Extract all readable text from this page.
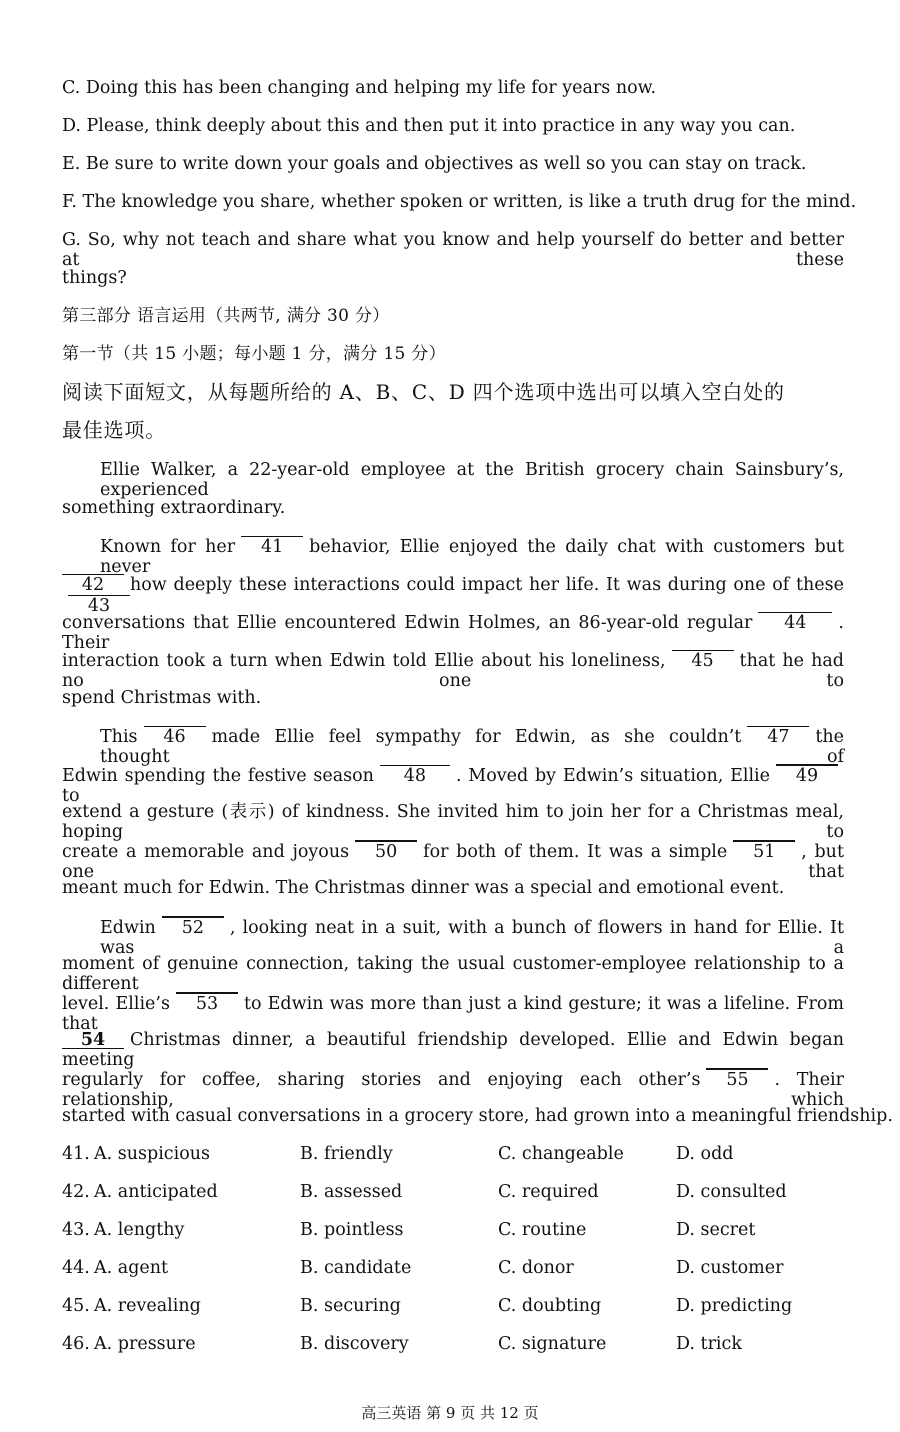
C. Doing this has been changing and helping my life for years now.
D. Please, think deeply about this and then put it into practice in any way you can.
E. Be sure to write down your goals and objectives as well so you can stay on track.
F. The knowledge you share, whether spoken or written, is like a truth drug for the mind.
G. So, why not teach and share what you know and help yourself do better and better at these
things?
第三部分 语言运用（共两节, 满分 30 分）
第一节（共 15 小题；每小题 1 分，满分 15 分）
阅读下面短文，从每题所给的 A、B、C、D 四个选项中选出可以填入空白处的
最佳选项。
Ellie Walker, a 22-year-old employee at the British grocery chain Sainsbury’s, experienced
something extraordinary.
Known for her 41 behavior, Ellie enjoyed the daily chat with customers but never
42 how deeply these interactions could impact her life. It was during one of these43
conversations that Ellie encountered Edwin Holmes, an 86-year-old regular 44 . Their
interaction took a turn when Edwin told Ellie about his loneliness, 45 that he had no one to
spend Christmas with.
This 46 made Ellie feel sympathy for Edwin, as she couldn’t 47 the thought of
Edwin spending the festive season 48 . Moved by Edwin’s situation, Ellie 49to
extend a gesture (表示) of kindness. She invited him to join her for a Christmas meal, hoping to
create a memorable and joyous 50 for both of them. It was a simple 51 , but one that
meant much for Edwin. The Christmas dinner was a special and emotional event.
Edwin 52 , looking neat in a suit, with a bunch of flowers in hand for Ellie. It was a
moment of genuine connection, taking the usual customer-employee relationship to a different
level. Ellie’s 53 to Edwin was more than just a kind gesture; it was a lifeline. From that
54 Christmas dinner, a beautiful friendship developed. Ellie and Edwin began meeting
regularly for coffee, sharing stories and enjoying each other’s 55 . Their relationship, which
started with casual conversations in a grocery store, had grown into a meaningful friendship.
41. A. suspicious	B. friendly	C. changeable	D. odd
42. A. anticipated	B. assessed	C. required	D. consulted
43. A. lengthy	B. pointless	C. routine	D. secret
44. A. agent	B. candidate	C. donor	D. customer
45. A. revealing	B. securing	C. doubting	D. predicting
46. A. pressure	B. discovery	C. signature	D. trick
高三英语 第 9 页 共 12 页
